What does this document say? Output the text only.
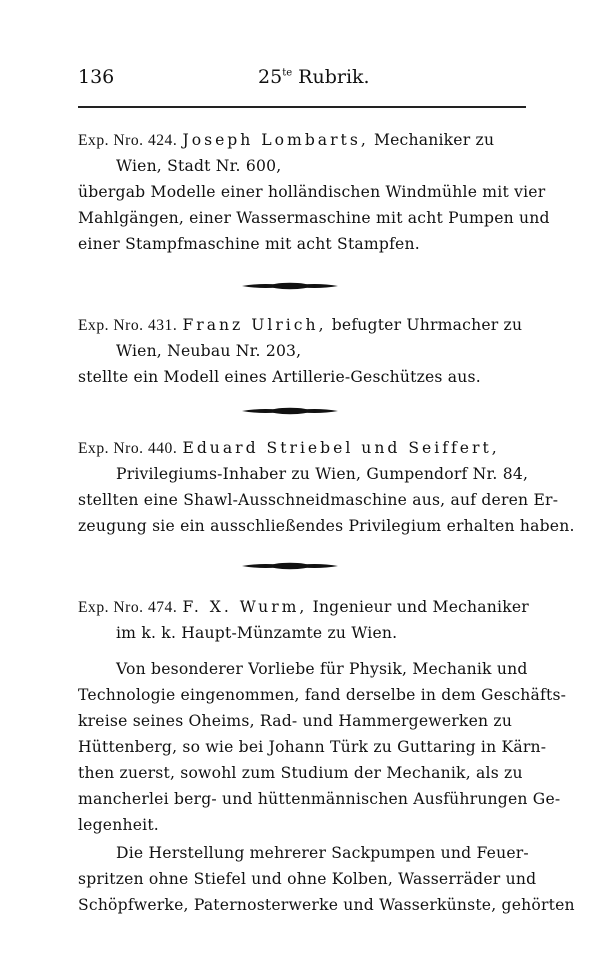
136	$25^{te}$ Rubrik.
Exp. Nro. 424. Joseph Lombarts, Mechaniker zu
Wien, Stadt Nr. 600,
übergab Modelle einer holländischen Windmühle mit vier
Mahlgängen, einer Wassermaschine mit acht Pumpen und
einer Stampfmaschine mit acht Stampfen.
Exp. Nro. 431. Franz Ulrich, befugter Uhrmacher zu
Wien, Neubau Nr. 203,
stellte ein Modell eines Artillerie-Geschützes aus.
Exp. Nro. 440. Eduard Striebel und Seiffert,
Privilegiums-Inhaber zu Wien, Gumpendorf Nr. 84,
stellten eine Shawl-Ausschneidmaschine aus, auf deren Er-
zeugung sie ein ausschließendes Privilegium erhalten haben.
Exp. Nro. 474. F. X. Wurm, Ingenieur und Mechaniker
im k. k. Haupt-Münzamte zu Wien.
Von besonderer Vorliebe für Physik, Mechanik und
Technologie eingenommen, fand derselbe in dem Geschäfts-
kreise seines Oheims, Rad- und Hammergewerken zu
Hüttenberg, so wie bei Johann Türk zu Guttaring in Kärn-
then zuerst, sowohl zum Studium der Mechanik, als zu
mancherlei berg- und hüttenmännischen Ausführungen Ge-
legenheit.
Die Herstellung mehrerer Sackpumpen und Feuer-
spritzen ohne Stiefel und ohne Kolben, Wasserräder und
Schöpfwerke, Paternosterwerke und Wasserkünste, gehörten
